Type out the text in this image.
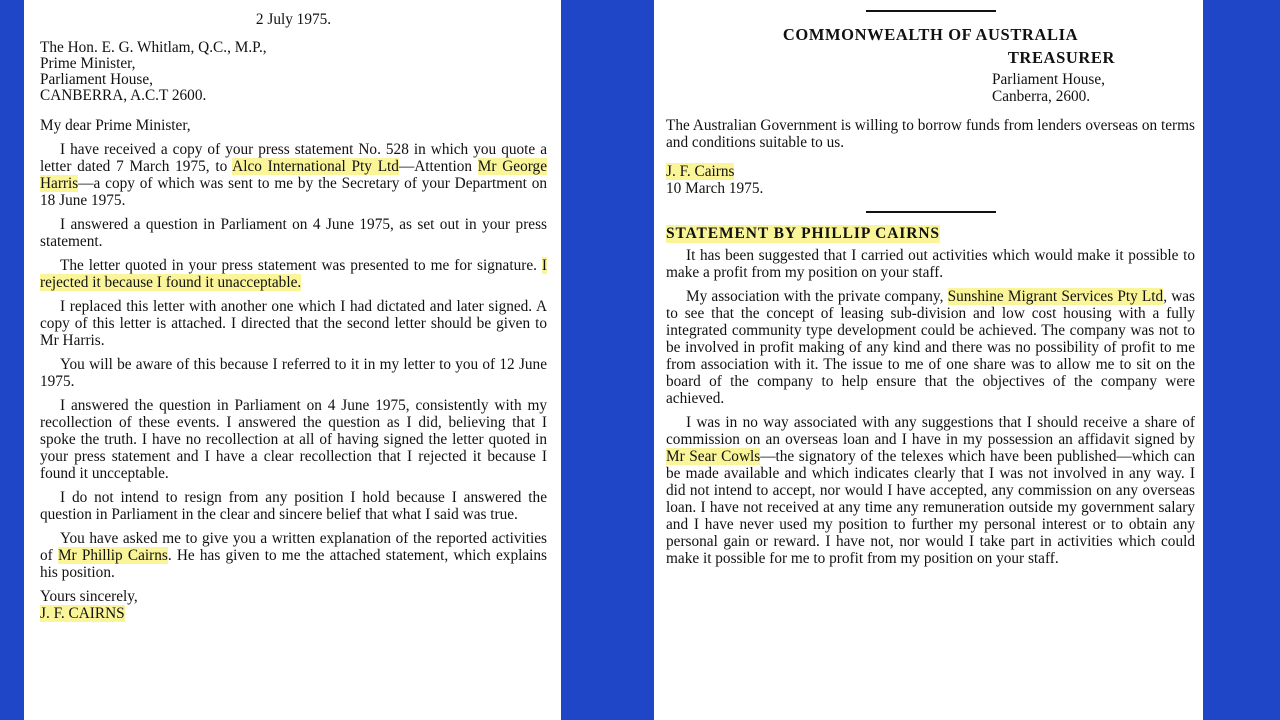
2 July 1975.

The Hon. E. G. Whitlam, Q.C., M.P.,

Prime Minister,

Parliament House,

CANBERRA, A.C.T 2600.

My dear Prime Minister,

I have received a copy of your press statement No. 528 in which you quote a letter dated 7 March 1975, to Alco International Pty Ltd—Attention Mr George Harris—a copy of which was sent to me by the Secretary of your Department on 18 June 1975.

I answered a question in Parliament on 4 June 1975, as set out in your press statement.

The letter quoted in your press statement was presented to me for signature. I rejected it because I found it unacceptable.

I replaced this letter with another one which I had dictated and later signed. A copy of this letter is attached. I directed that the second letter should be given to Mr Harris.

You will be aware of this because I referred to it in my letter to you of 12 June 1975.

I answered the question in Parliament on 4 June 1975, consistently with my recollection of these events. I answered the question as I did, believing that I spoke the truth. I have no recollection at all of having signed the letter quoted in your press statement and I have a clear recollection that I rejected it because I found it uncceptable.

I do not intend to resign from any position I hold because I answered the question in Parliament in the clear and sincere belief that what I said was true.

You have asked me to give you a written explanation of the reported activities of Mr Phillip Cairns. He has given to me the attached statement, which explains his position.

Yours sincerely,

J. F. CAIRNS

COMMONWEALTH OF AUSTRALIA
TREASURER

Parliament House,

Canberra, 2600.

The Australian Government is willing to borrow funds from lenders overseas on terms and conditions suitable to us.

J. F. Cairns

10 March 1975.

STATEMENT BY PHILLIP CAIRNS

It has been suggested that I carried out activities which would make it possible to make a profit from my position on your staff.

My association with the private company, Sunshine Migrant Services Pty Ltd, was to see that the concept of leasing sub-division and low cost housing with a fully integrated community type development could be achieved. The company was not to be involved in profit making of any kind and there was no possibility of profit to me from association with it. The issue to me of one share was to allow me to sit on the board of the company to help ensure that the objectives of the company were achieved.

I was in no way associated with any suggestions that I should receive a share of commission on an overseas loan and I have in my possession an affidavit signed by Mr Sear Cowls—the signatory of the telexes which have been published—which can be made available and which indicates clearly that I was not involved in any way. I did not intend to accept, nor would I have accepted, any commission on any overseas loan. I have not received at any time any remuneration outside my government salary and I have never used my position to further my personal interest or to obtain any personal gain or reward. I have not, nor would I take part in activities which could make it possible for me to profit from my position on your staff.
